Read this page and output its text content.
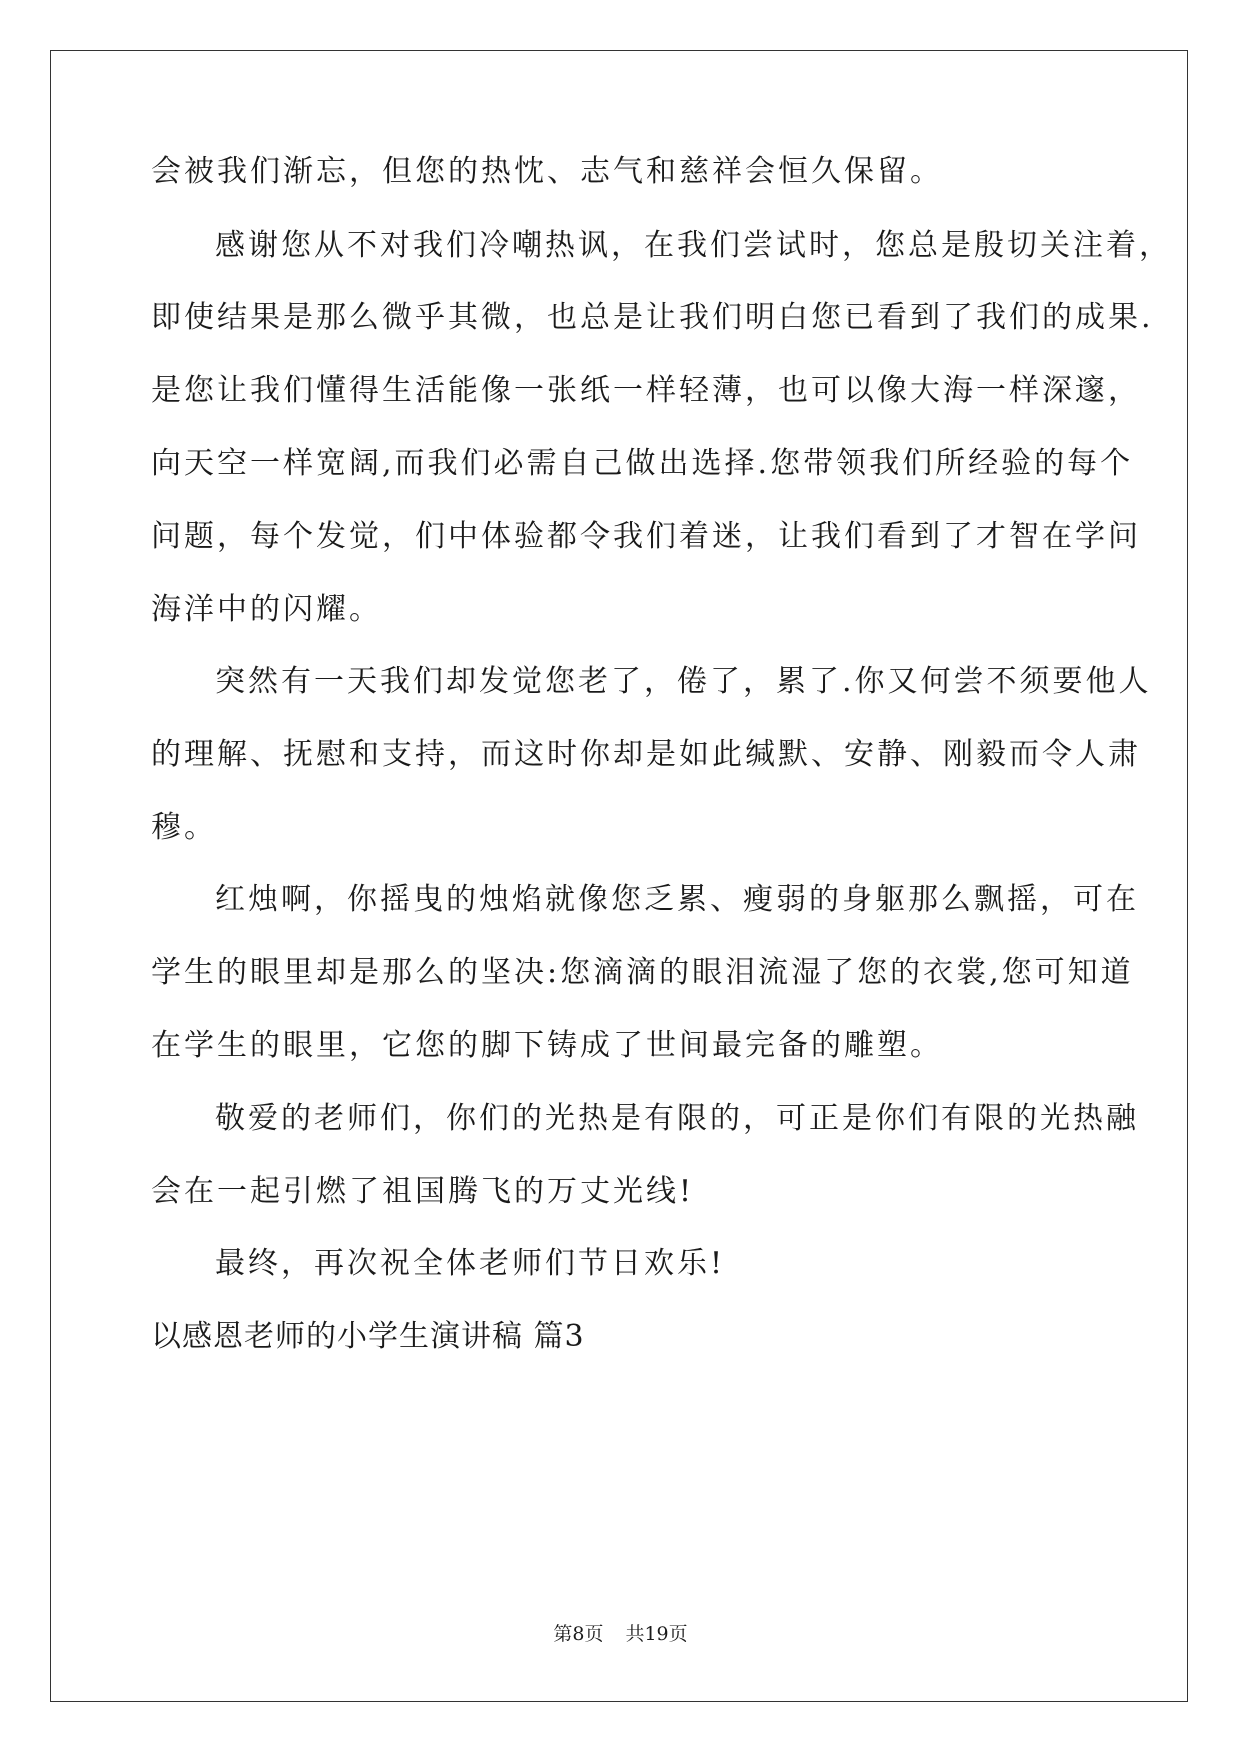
会被我们渐忘，但您的热忱、志气和慈祥会恒久保留。
感谢您从不对我们冷嘲热讽，在我们尝试时，您总是殷切关注着，
即使结果是那么微乎其微，也总是让我们明白您已看到了我们的成果.
是您让我们懂得生活能像一张纸一样轻薄，也可以像大海一样深邃，
向天空一样宽阔,而我们必需自己做出选择.您带领我们所经验的每个
问题，每个发觉，们中体验都令我们着迷，让我们看到了才智在学问
海洋中的闪耀。
突然有一天我们却发觉您老了，倦了，累了.你又何尝不须要他人
的理解、抚慰和支持，而这时你却是如此缄默、安静、刚毅而令人肃
穆。
红烛啊，你摇曳的烛焰就像您乏累、瘦弱的身躯那么飘摇，可在
学生的眼里却是那么的坚决:您滴滴的眼泪流湿了您的衣裳,您可知道
在学生的眼里，它您的脚下铸成了世间最完备的雕塑。
敬爱的老师们，你们的光热是有限的，可正是你们有限的光热融
会在一起引燃了祖国腾飞的万丈光线!
最终，再次祝全体老师们节日欢乐!
以感恩老师的小学生演讲稿 篇3
第8页 共19页
